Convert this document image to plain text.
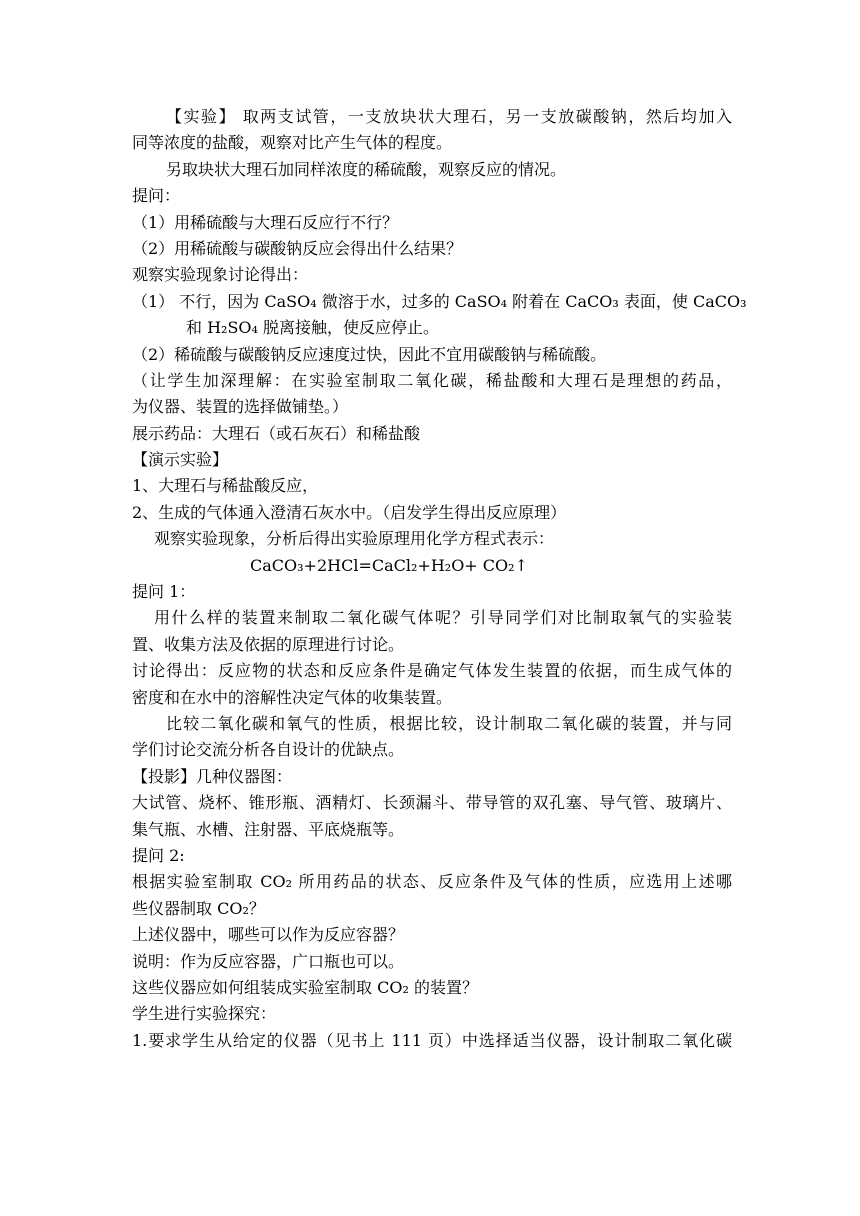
【实验】 取两支试管，一支放块状大理石，另一支放碳酸钠，然后均加入
同等浓度的盐酸，观察对比产生气体的程度。
另取块状大理石加同样浓度的稀硫酸，观察反应的情况。
提问：
（1）用稀硫酸与大理石反应行不行？
（2）用稀硫酸与碳酸钠反应会得出什么结果？
观察实验现象讨论得出：
（1） 不行，因为 CaSO₄ 微溶于水，过多的 CaSO₄ 附着在 CaCO₃ 表面，使 CaCO₃
和 H₂SO₄ 脱离接触，使反应停止。
（2）稀硫酸与碳酸钠反应速度过快，因此不宜用碳酸钠与稀硫酸。
（让学生加深理解：在实验室制取二氧化碳，稀盐酸和大理石是理想的药品，
为仪器、装置的选择做铺垫。）
展示药品：大理石（或石灰石）和稀盐酸
【演示实验】
1、大理石与稀盐酸反应，
2、生成的气体通入澄清石灰水中。（启发学生得出反应原理）
观察实验现象，分析后得出实验原理用化学方程式表示：
CaCO₃+2HCl=CaCl₂+H₂O+ CO₂↑
提问 1：
用什么样的装置来制取二氧化碳气体呢？引导同学们对比制取氧气的实验装
置、收集方法及依据的原理进行讨论。
讨论得出：反应物的状态和反应条件是确定气体发生装置的依据，而生成气体的
密度和在水中的溶解性决定气体的收集装置。
比较二氧化碳和氧气的性质，根据比较，设计制取二氧化碳的装置，并与同
学们讨论交流分析各自设计的优缺点。
【投影】几种仪器图：
大试管、烧杯、锥形瓶、酒精灯、长颈漏斗、带导管的双孔塞、导气管、玻璃片、
集气瓶、水槽、注射器、平底烧瓶等。
提问 2:
根据实验室制取 CO₂ 所用药品的状态、反应条件及气体的性质，应选用上述哪
些仪器制取 CO₂？
上述仪器中，哪些可以作为反应容器？
说明：作为反应容器，广口瓶也可以。
这些仪器应如何组装成实验室制取 CO₂ 的装置？
学生进行实验探究：
1.要求学生从给定的仪器（见书上 111 页）中选择适当仪器，设计制取二氧化碳
